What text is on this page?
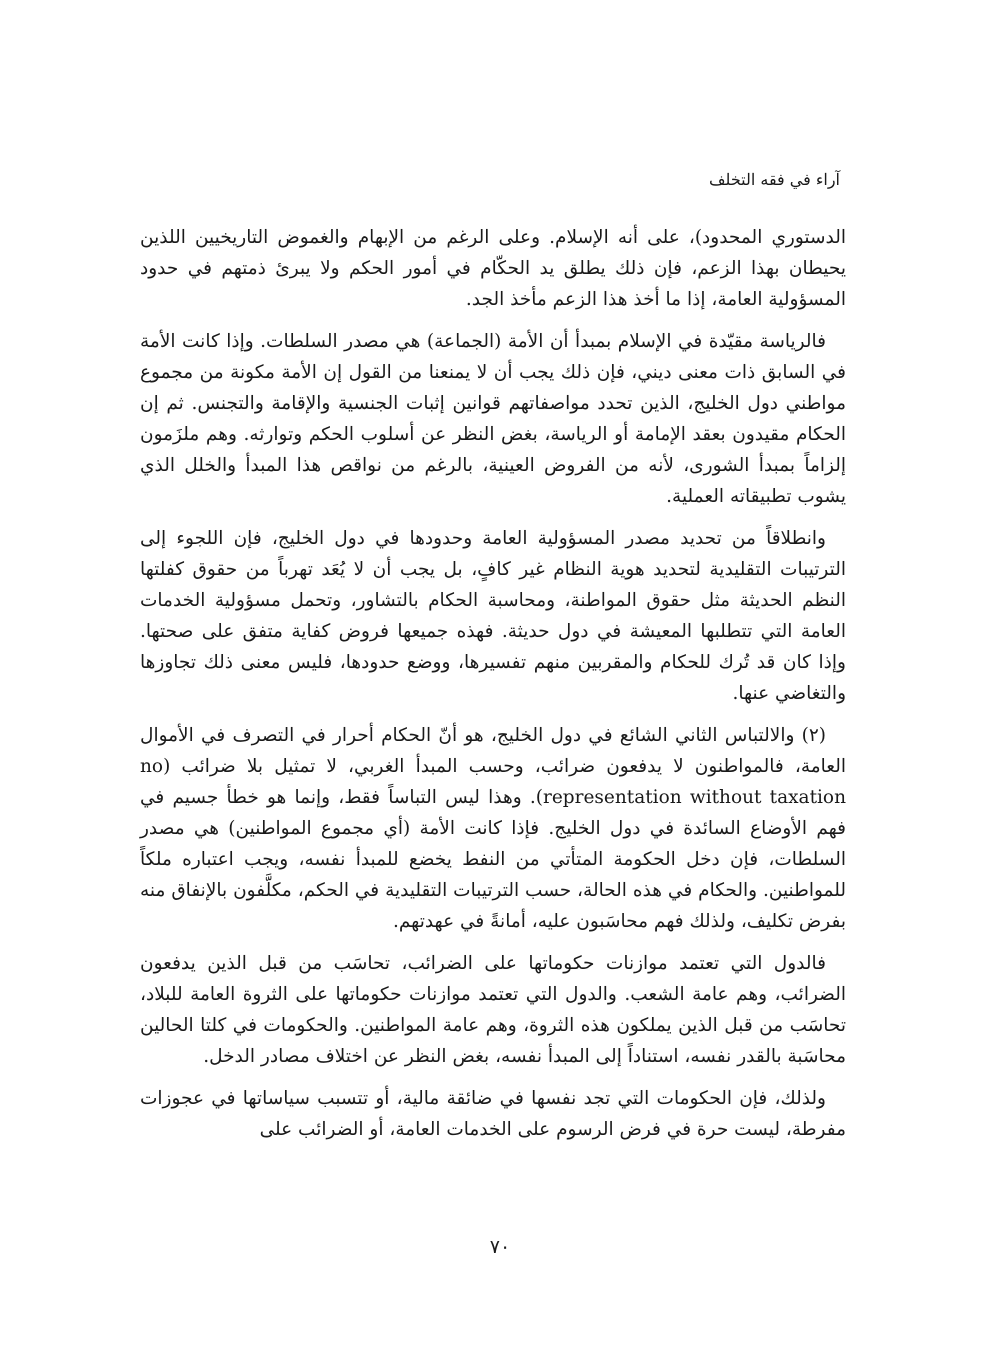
آراء في فقه التخلف

الدستوري المحدود)، على أنه الإسلام. وعلى الرغم من الإبهام والغموض التاريخيين اللذين يحيطان بهذا الزعم، فإن ذلك يطلق يد الحكّام في أمور الحكم ولا يبرئ ذمتهم في حدود المسؤولية العامة، إذا ما أخذ هذا الزعم مأخذ الجد.

فالرياسة مقيّدة في الإسلام بمبدأ أن الأمة (الجماعة) هي مصدر السلطات. وإذا كانت الأمة في السابق ذات معنى ديني، فإن ذلك يجب أن لا يمنعنا من القول إن الأمة مكونة من مجموع مواطني دول الخليج، الذين تحدد مواصفاتهم قوانين إثبات الجنسية والإقامة والتجنس. ثم إن الحكام مقيدون بعقد الإمامة أو الرياسة، بغض النظر عن أسلوب الحكم وتوارثه. وهم ملزَمون إلزاماً بمبدأ الشورى، لأنه من الفروض العينية، بالرغم من نواقص هذا المبدأ والخلل الذي يشوب تطبيقاته العملية.

وانطلاقاً من تحديد مصدر المسؤولية العامة وحدودها في دول الخليج، فإن اللجوء إلى الترتيبات التقليدية لتحديد هوية النظام غير كافٍ، بل يجب أن لا يُعَد تهرباً من حقوق كفلتها النظم الحديثة مثل حقوق المواطنة، ومحاسبة الحكام بالتشاور، وتحمل مسؤولية الخدمات العامة التي تتطلبها المعيشة في دول حديثة. فهذه جميعها فروض كفاية متفق على صحتها. وإذا كان قد تُرك للحكام والمقربين منهم تفسيرها، ووضع حدودها، فليس معنى ذلك تجاوزها والتغاضي عنها.

(٢) والالتباس الثاني الشائع في دول الخليج، هو أنّ الحكام أحرار في التصرف في الأموال العامة، فالمواطنون لا يدفعون ضرائب، وحسب المبدأ الغربي، لا تمثيل بلا ضرائب (no representation without taxation). وهذا ليس التباساً فقط، وإنما هو خطأ جسيم في فهم الأوضاع السائدة في دول الخليج. فإذا كانت الأمة (أي مجموع المواطنين) هي مصدر السلطات، فإن دخل الحكومة المتأتي من النفط يخضع للمبدأ نفسه، ويجب اعتباره ملكاً للمواطنين. والحكام في هذه الحالة، حسب الترتيبات التقليدية في الحكم، مكلَّفون بالإنفاق منه بفرض تكليف، ولذلك فهم محاسَبون عليه، أمانةً في عهدتهم.

فالدول التي تعتمد موازنات حكوماتها على الضرائب، تحاسَب من قبل الذين يدفعون الضرائب، وهم عامة الشعب. والدول التي تعتمد موازنات حكوماتها على الثروة العامة للبلاد، تحاسَب من قبل الذين يملكون هذه الثروة، وهم عامة المواطنين. والحكومات في كلتا الحالين محاسَبة بالقدر نفسه، استناداً إلى المبدأ نفسه، بغض النظر عن اختلاف مصادر الدخل.

ولذلك، فإن الحكومات التي تجد نفسها في ضائقة مالية، أو تتسبب سياساتها في عجوزات مفرطة، ليست حرة في فرض الرسوم على الخدمات العامة، أو الضرائب على

٧٠
